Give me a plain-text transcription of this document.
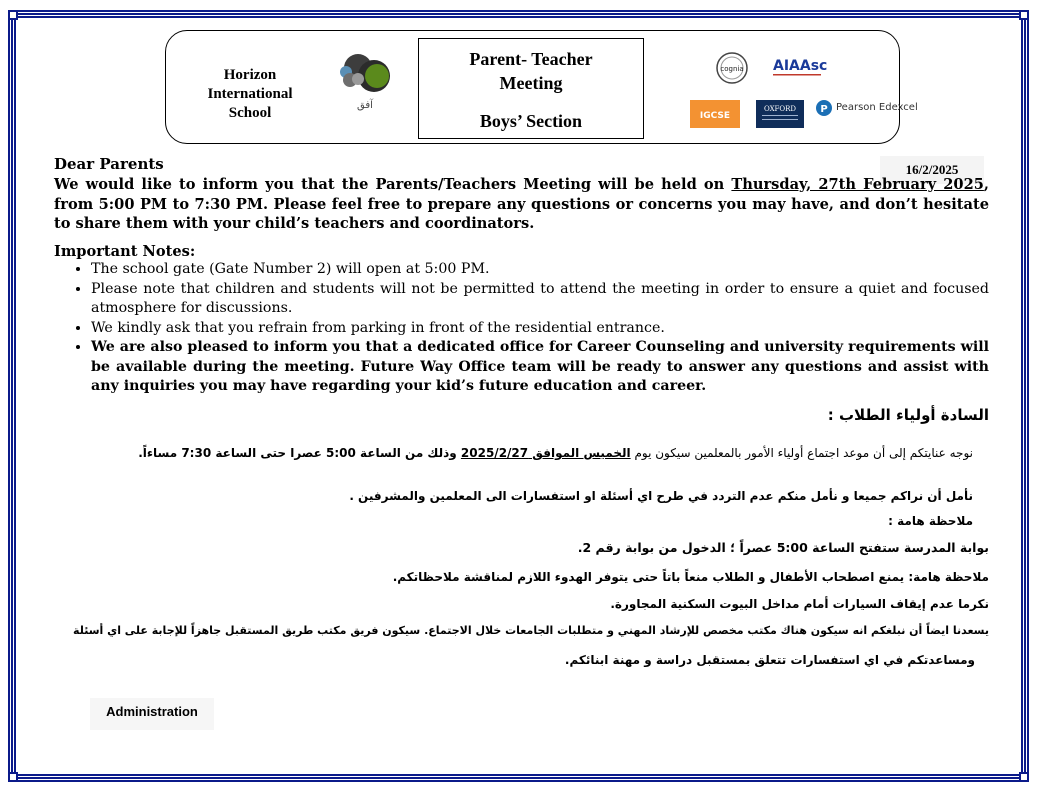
Horizon International School	آفق
Parent- Teacher Meeting
Boys’ Section
cognia AIAAsc
IGCSE
OXFORD P Pearson Edexcel
16/2/2025
Dear Parents
We would like to inform you that the Parents/Teachers Meeting will be held on Thursday, 27th February 2025, from 5:00 PM to 7:30 PM. Please feel free to prepare any questions or concerns you may have, and don’t hesitate to share them with your child’s teachers and coordinators.
Important Notes:
• The school gate (Gate Number 2) will open at 5:00 PM.
• Please note that children and students will not be permitted to attend the meeting in order to ensure a quiet and focused atmosphere for discussions.
• We kindly ask that you refrain from parking in front of the residential entrance.
• We are also pleased to inform you that a dedicated office for Career Counseling and university requirements will be available during the meeting. Future Way Office team will be ready to answer any questions and assist with any inquiries you may have regarding your kid’s future education and career.
السادة أولياء الطلاب :
نوجه عنايتكم إلى أن موعد اجتماع أولياء الأمور بالمعلمين سيكون يوم الخميس الموافق 2025/2/27 وذلك من الساعة 5:00 عصرا حتى الساعة 7:30 مساءاً.
نأمل أن نراكم جميعا و نأمل منكم عدم التردد في طرح اي أسئلة او استفسارات الى المعلمين والمشرفين .
ملاحظة هامة :
بوابة المدرسة ستفتح الساعة 5:00 عصراً ؛ الدخول من بوابة رقم 2.
ملاحظة هامة: يمنع اصطحاب الأطفال و الطلاب منعاً باتاً حتى يتوفر الهدوء اللازم لمناقشة ملاحظاتكم.
نكرما عدم إيقاف السيارات أمام مداخل البيوت السكنية المجاورة.
يسعدنا ايضاً أن نبلغكم انه سيكون هناك مكتب مخصص للإرشاد المهني و متطلبات الجامعات خلال الاجتماع. سيكون فريق مكتب طريق المستقبل جاهزاً للإجابة على اي أسئلة
ومساعدتكم في اي استفسارات تتعلق بمستقبل دراسة و مهنة ابنائكم.
Administration
